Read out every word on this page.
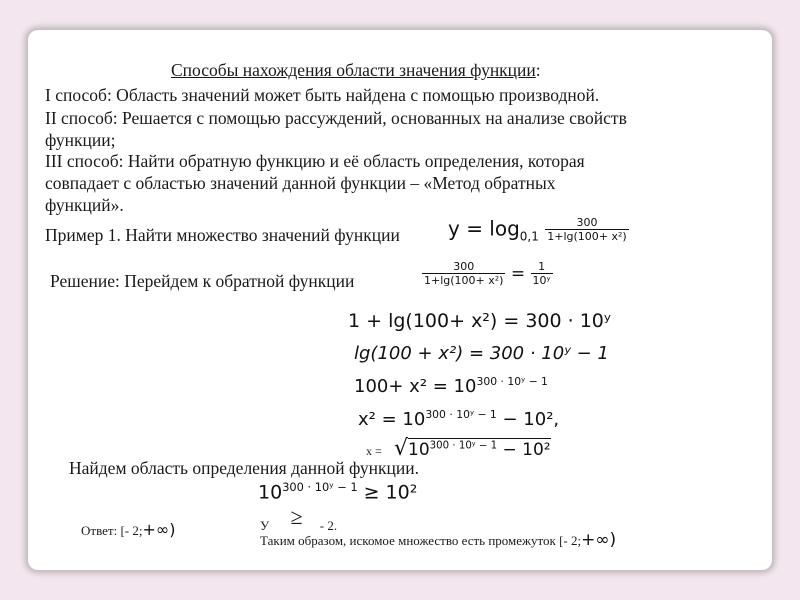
Способы нахождения области значения функции:
I способ: Область значений может быть найдена с помощью производной.
II способ: Решается с помощью рассуждений, основанных на анализе свойств
функции;
III способ: Найти обратную функцию и её область определения, которая
совпадает с областью значений данной функции – «Метод обратных
функций».
Пример 1. Найти множество значений функции $y = \log_{0,1} \frac{300}{\text{1+lg(100+ x²)}}$
Решение: Перейдем к обратной функции	$\frac{300}{\text{1+lg(100+ x²)}} = \frac{1}{\text{10ʸ}}$
1 + lg(100+ x²) = 300 · 10ʸ
lg(100 + x²) = 300 · 10ʸ − 1
$100+ x^2 = 10^{300 \cdot 10ʸ - 1}$
$x^2 = 10^{300 \cdot 10ʸ - 1} - 10^2$,
$x = √10^{300 \cdot 10ʸ - 1} - 10^2$
Найдем область определения данной функции.
$10^{300 \cdot 10ʸ - 1} \ge 10^2$
У ≥ - 2.
Таким образом, искомое множество есть промежуток [- 2;+∞)
Ответ: [- 2;+∞)
